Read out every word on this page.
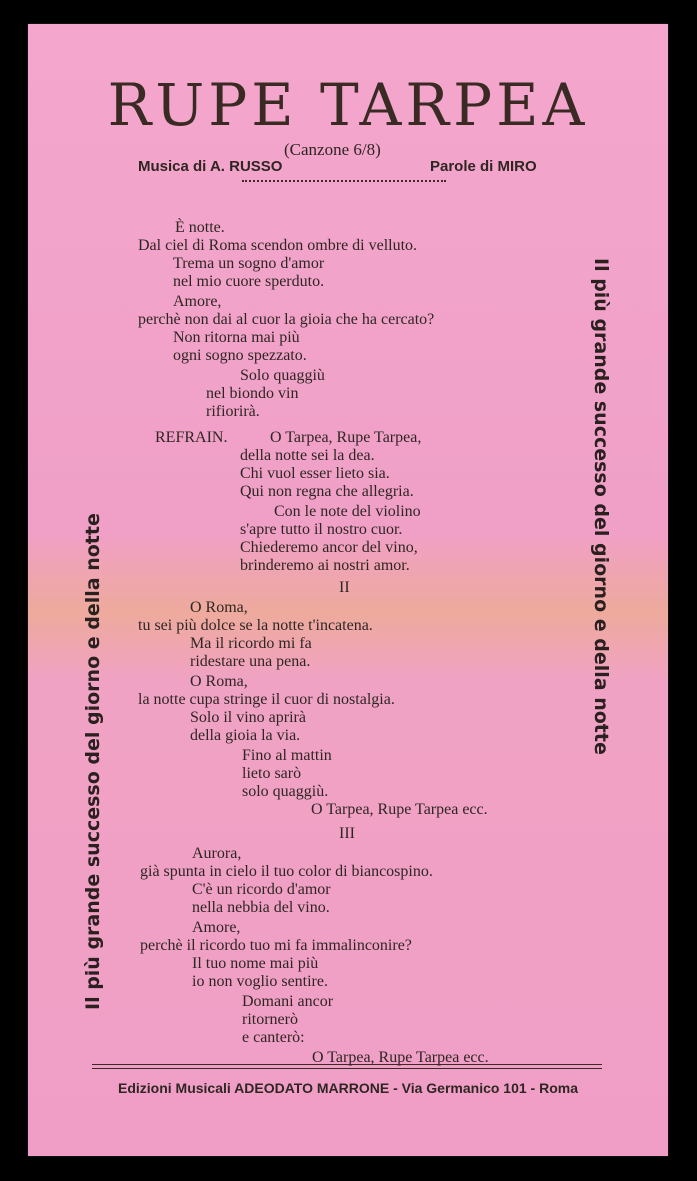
RUPE TARPEA
(Canzone 6/8)
Musica di A. RUSSO	Parole di MIRO
Il più grande successo del giorno e della notte
Il più grande successo del giorno e della notte
È notte.
Dal ciel di Roma scendon ombre di velluto.
Trema un sogno d'amor
nel mio cuore sperduto.
Amore,
perchè non dai al cuor la gioia che ha cercato?
Non ritorna mai più
ogni sogno spezzato.
Solo quaggiù
nel biondo vin
rifiorirà.
REFRAIN.	O Tarpea, Rupe Tarpea,
della notte sei la dea.
Chi vuol esser lieto sia.
Qui non regna che allegria.
Con le note del violino
s'apre tutto il nostro cuor.
Chiederemo ancor del vino,
brinderemo ai nostri amor.
II
O Roma,
tu sei più dolce se la notte t'incatena.
Ma il ricordo mi fa
ridestare una pena.
O Roma,
la notte cupa stringe il cuor di nostalgia.
Solo il vino aprirà
della gioia la via.
Fino al mattin
lieto sarò
solo quaggiù.
O Tarpea, Rupe Tarpea ecc.
III
Aurora,
già spunta in cielo il tuo color di biancospino.
C'è un ricordo d'amor
nella nebbia del vino.
Amore,
perchè il ricordo tuo mi fa immalinconire?
Il tuo nome mai più
io non voglio sentire.
Domani ancor
ritornerò
e canterò:
O Tarpea, Rupe Tarpea ecc.
Edizioni Musicali ADEODATO MARRONE - Via Germanico 101 - Roma
